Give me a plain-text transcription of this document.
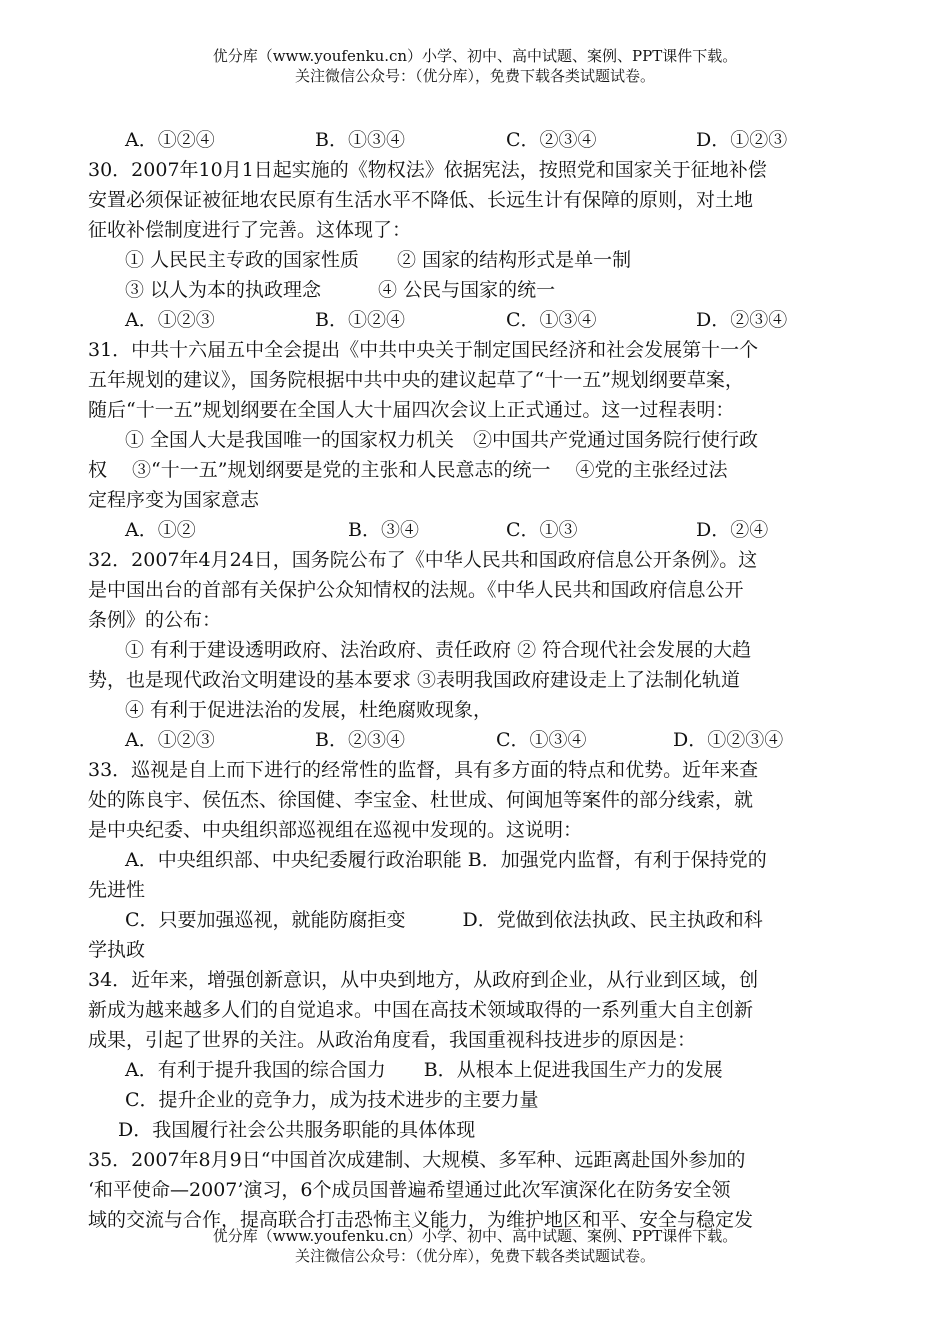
优分库（www.youfenku.cn）小学、初中、高中试题、案例、PPT课件下载。
关注微信公众号：（优分库），免费下载各类试题试卷。
A．①②④	B．①③④	C．②③④	D．①②③
30．2007年10月1日起实施的《物权法》依据宪法，按照党和国家关于征地补偿
安置必须保证被征地农民原有生活水平不降低、长远生计有保障的原则，对土地
征收补偿制度进行了完善。这体现了：
① 人民民主专政的国家性质　　② 国家的结构形式是单一制
③ 以人为本的执政理念　　　④ 公民与国家的统一
A．①②③	B．①②④	C．①③④	D．②③④
31．中共十六届五中全会提出《中共中央关于制定国民经济和社会发展第十一个
五年规划的建议》，国务院根据中共中央的建议起草了“十一五”规划纲要草案，
随后“十一五”规划纲要在全国人大十届四次会议上正式通过。这一过程表明：
① 全国人大是我国唯一的国家权力机关　②中国共产党通过国务院行使行政
权　 ③“十一五”规划纲要是党的主张和人民意志的统一　 ④党的主张经过法
定程序变为国家意志
A．①②	B．③④	C．①③	D．②④
32．2007年4月24日，国务院公布了《中华人民共和国政府信息公开条例》。这
是中国出台的首部有关保护公众知情权的法规。《中华人民共和国政府信息公开
条例》的公布：
① 有利于建设透明政府、法治政府、责任政府 ② 符合现代社会发展的大趋
势，也是现代政治文明建设的基本要求 ③表明我国政府建设走上了法制化轨道
④ 有利于促进法治的发展，杜绝腐败现象，
A．①②③	B．②③④	C．①③④	D．①②③④
33．巡视是自上而下进行的经常性的监督，具有多方面的特点和优势。近年来查
处的陈良宇、侯伍杰、徐国健、李宝金、杜世成、何闽旭等案件的部分线索，就
是中央纪委、中央组织部巡视组在巡视中发现的。这说明：
A．中央组织部、中央纪委履行政治职能 B．加强党内监督，有利于保持党的
先进性
C．只要加强巡视，就能防腐拒变　　　D．党做到依法执政、民主执政和科
学执政
34．近年来，增强创新意识，从中央到地方，从政府到企业，从行业到区域，创
新成为越来越多人们的自觉追求。中国在高技术领域取得的一系列重大自主创新
成果，引起了世界的关注。从政治角度看，我国重视科技进步的原因是：
A．有利于提升我国的综合国力　　B．从根本上促进我国生产力的发展
C．提升企业的竞争力，成为技术进步的主要力量
D．我国履行社会公共服务职能的具体体现
35．2007年8月9日“中国首次成建制、大规模、多军种、远距离赴国外参加的
‘和平使命—2007’演习，6个成员国普遍希望通过此次军演深化在防务安全领
域的交流与合作，提高联合打击恐怖主义能力，为维护地区和平、安全与稳定发
优分库（www.youfenku.cn）小学、初中、高中试题、案例、PPT课件下载。
关注微信公众号：（优分库），免费下载各类试题试卷。
